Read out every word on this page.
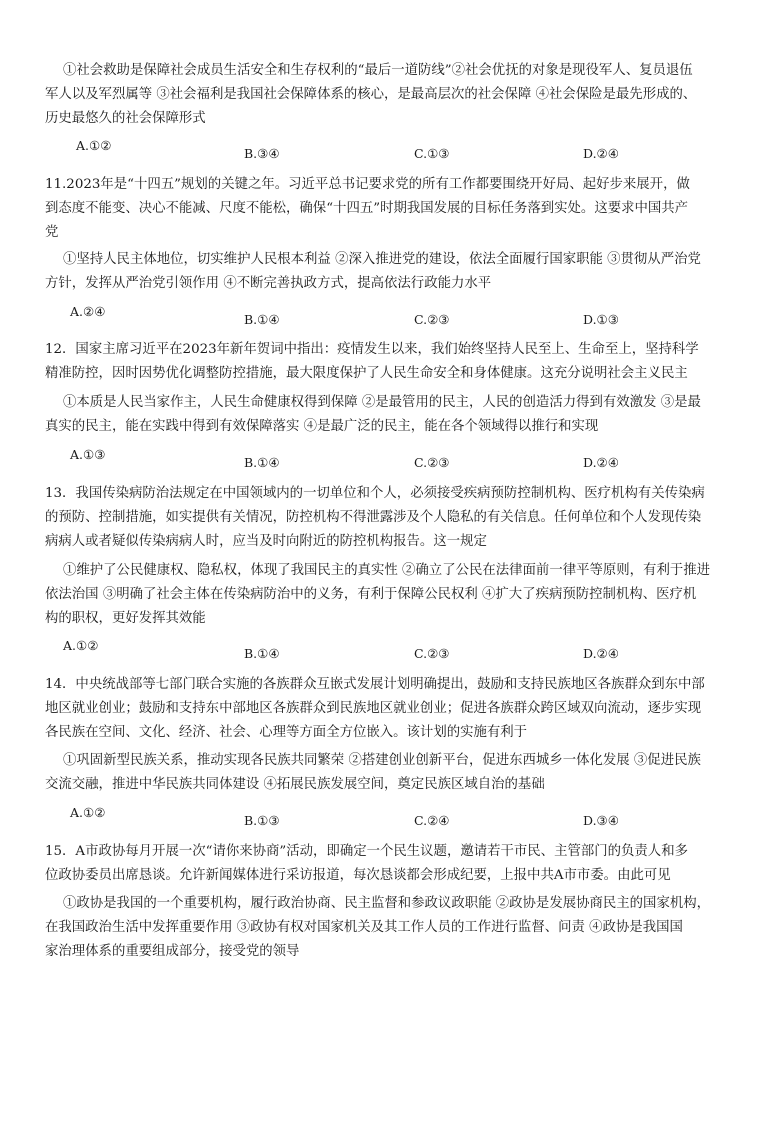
①社会救助是保障社会成员生活安全和生存权利的“最后一道防线”②社会优抚的对象是现役军人、复员退伍
军人以及军烈属等 ③社会福利是我国社会保障体系的核心，是最高层次的社会保障 ④社会保险是最先形成的、
历史最悠久的社会保障形式
A.①②
B.③④	C.①③	D.②④
11.2023年是“十四五”规划的关键之年。习近平总书记要求党的所有工作都要围绕开好局、起好步来展开，做
到态度不能变、决心不能减、尺度不能松，确保“十四五”时期我国发展的目标任务落到实处。这要求中国共产
党
①坚持人民主体地位，切实维护人民根本利益 ②深入推进党的建设，依法全面履行国家职能 ③贯彻从严治党
方针，发挥从严治党引领作用 ④不断完善执政方式，提高依法行政能力水平
A.②④
B.①④	C.②③	D.①③
12．国家主席习近平在2023年新年贺词中指出：疫情发生以来，我们始终坚持人民至上、生命至上，坚持科学
精准防控，因时因势优化调整防控措施，最大限度保护了人民生命安全和身体健康。这充分说明社会主义民主
①本质是人民当家作主，人民生命健康权得到保障 ②是最管用的民主，人民的创造活力得到有效激发 ③是最
真实的民主，能在实践中得到有效保障落实 ④是最广泛的民主，能在各个领域得以推行和实现
A.①③
B.①④	C.②③	D.②④
13．我国传染病防治法规定在中国领域内的一切单位和个人，必须接受疾病预防控制机构、医疗机构有关传染病
的预防、控制措施，如实提供有关情况，防控机构不得泄露涉及个人隐私的有关信息。任何单位和个人发现传染
病病人或者疑似传染病病人时，应当及时向附近的防控机构报告。这一规定
①维护了公民健康权、隐私权，体现了我国民主的真实性 ②确立了公民在法律面前一律平等原则，有利于推进
依法治国 ③明确了社会主体在传染病防治中的义务，有利于保障公民权利 ④扩大了疾病预防控制机构、医疗机
构的职权，更好发挥其效能
A.①②
B.①④	C.②③	D.②④
14．中央统战部等七部门联合实施的各族群众互嵌式发展计划明确提出，鼓励和支持民族地区各族群众到东中部
地区就业创业；鼓励和支持东中部地区各族群众到民族地区就业创业；促进各族群众跨区域双向流动，逐步实现
各民族在空间、文化、经济、社会、心理等方面全方位嵌入。该计划的实施有利于
①巩固新型民族关系，推动实现各民族共同繁荣 ②搭建创业创新平台，促进东西城乡一体化发展 ③促进民族
交流交融，推进中华民族共同体建设 ④拓展民族发展空间，奠定民族区域自治的基础
A.①②
B.①③	C.②④	D.③④
15．A市政协每月开展一次“请你来协商”活动，即确定一个民生议题，邀请若干市民、主管部门的负责人和多
位政协委员出席恳谈。允许新闻媒体进行采访报道，每次恳谈都会形成纪要，上报中共A市市委。由此可见
①政协是我国的一个重要机构，履行政治协商、民主监督和参政议政职能 ②政协是发展协商民主的国家机构，
在我国政治生活中发挥重要作用 ③政协有权对国家机关及其工作人员的工作进行监督、问责 ④政协是我国国
家治理体系的重要组成部分，接受党的领导
